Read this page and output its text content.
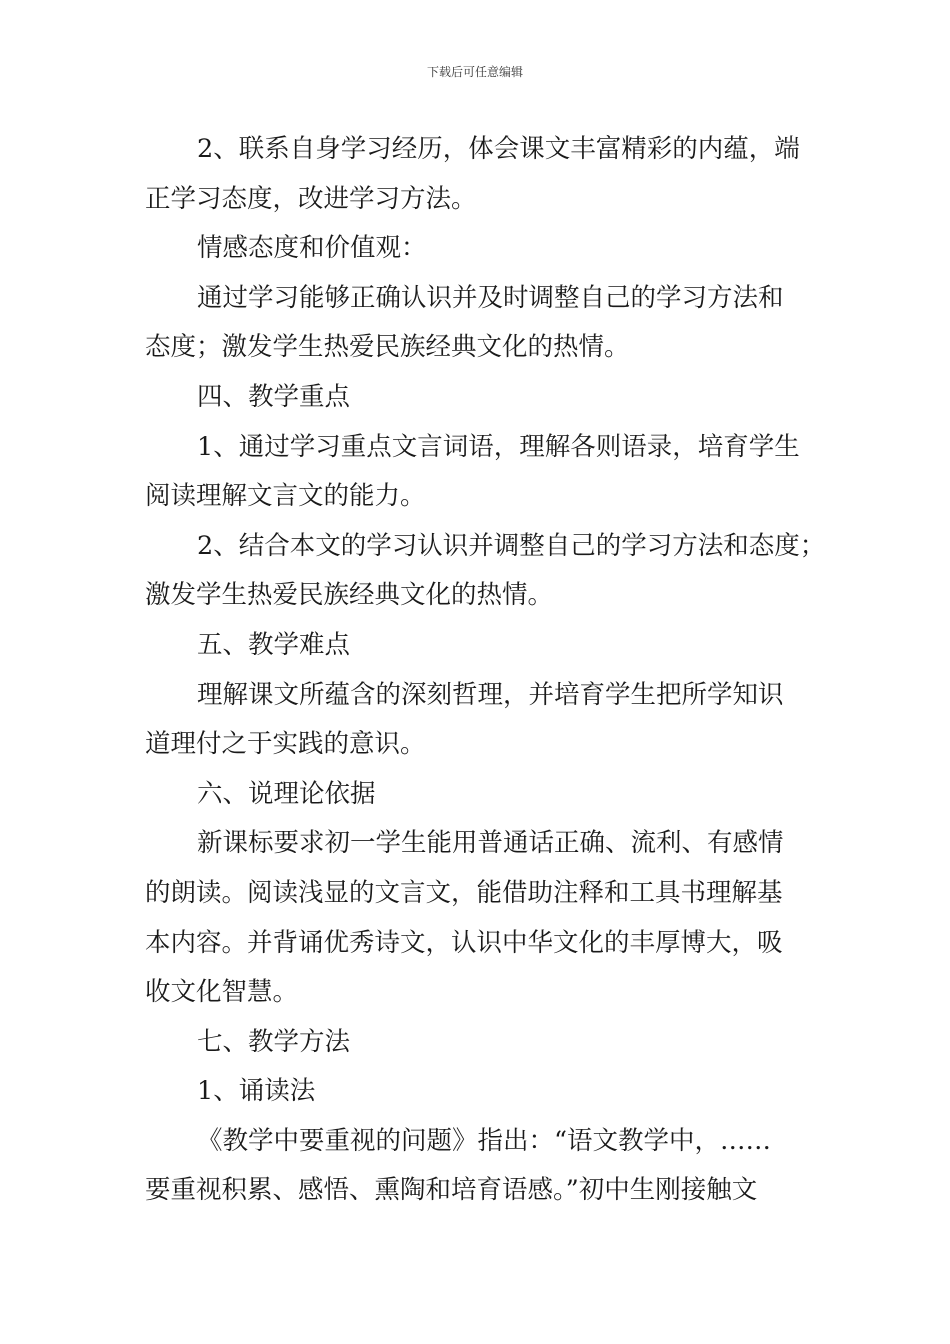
下载后可任意编辑
2、联系自身学习经历，体会课文丰富精彩的内蕴，端
正学习态度，改进学习方法。
情感态度和价值观：
通过学习能够正确认识并及时调整自己的学习方法和
态度；激发学生热爱民族经典文化的热情。
四、教学重点
1、通过学习重点文言词语，理解各则语录，培育学生
阅读理解文言文的能力。
2、结合本文的学习认识并调整自己的学习方法和态度；
激发学生热爱民族经典文化的热情。
五、教学难点
理解课文所蕴含的深刻哲理，并培育学生把所学知识
道理付之于实践的意识。
六、说理论依据
新课标要求初一学生能用普通话正确、流利、有感情
的朗读。阅读浅显的文言文，能借助注释和工具书理解基
本内容。并背诵优秀诗文，认识中华文化的丰厚博大，吸
收文化智慧。
七、教学方法
1、诵读法
《教学中要重视的问题》指出：“语文教学中，……
要重视积累、感悟、熏陶和培育语感。”初中生刚接触文
